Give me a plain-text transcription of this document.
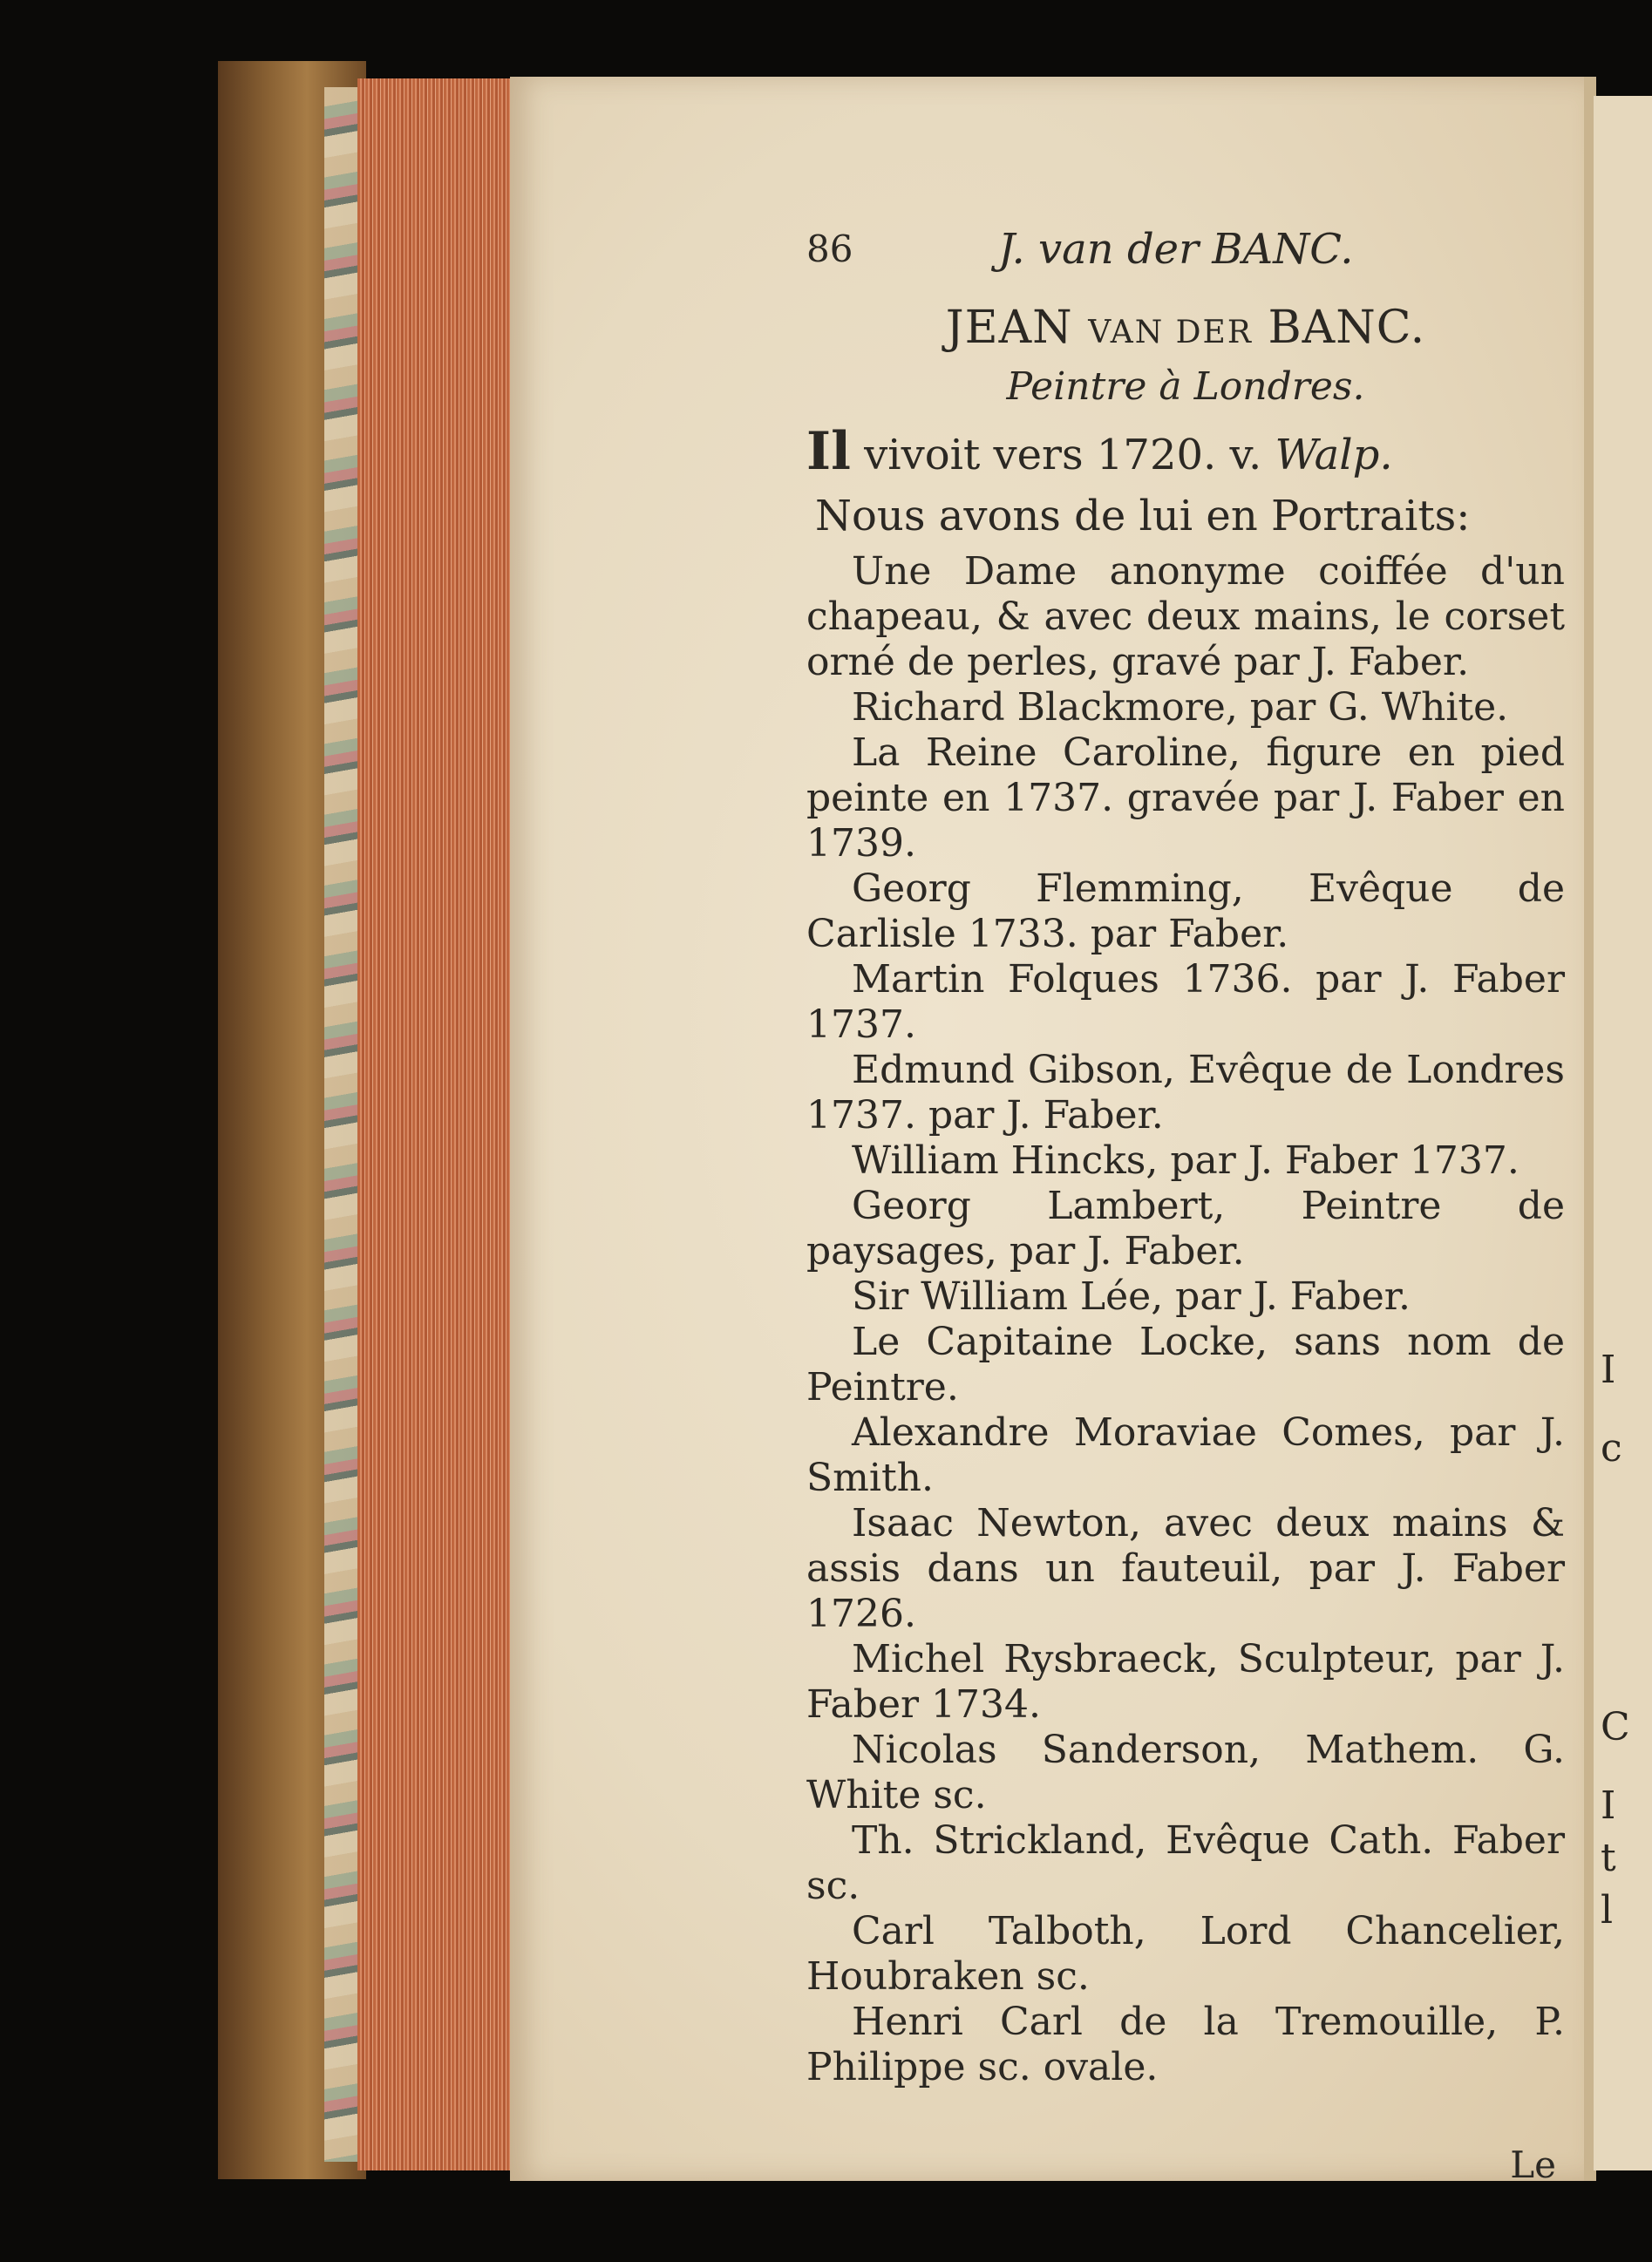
I
c
C
I
t
l
86	J. van der BANC.
JEAN VAN DER BANC.
Peintre à Londres.
Il vivoit vers 1720. v. Walp.
Nous avons de lui en Portraits:
Une Dame anonyme coiffée d'un chapeau, & avec deux mains, le corset orné de perles, gravé par J. Faber.
Richard Blackmore, par G. White.
La Reine Caroline, figure en pied peinte en 1737. gravée par J. Faber en 1739.
Georg Flemming, Evêque de Carlisle 1733. par Faber.
Martin Folques 1736. par J. Faber 1737.
Edmund Gibson, Evêque de Londres 1737. par J. Faber.
William Hincks, par J. Faber 1737.
Georg Lambert, Peintre de paysages, par J. Faber.
Sir William Lée, par J. Faber.
Le Capitaine Locke, sans nom de Peintre.
Alexandre Moraviae Comes, par J. Smith.
Isaac Newton, avec deux mains & assis dans un fauteuil, par J. Faber 1726.
Michel Rysbraeck, Sculpteur, par J. Faber 1734.
Nicolas Sanderson, Mathem. G. White sc.
Th. Strickland, Evêque Cath. Faber sc.
Carl Talboth, Lord Chancelier, Houbraken sc.
Henri Carl de la Tremouille, P. Philippe sc. ovale.
Le
